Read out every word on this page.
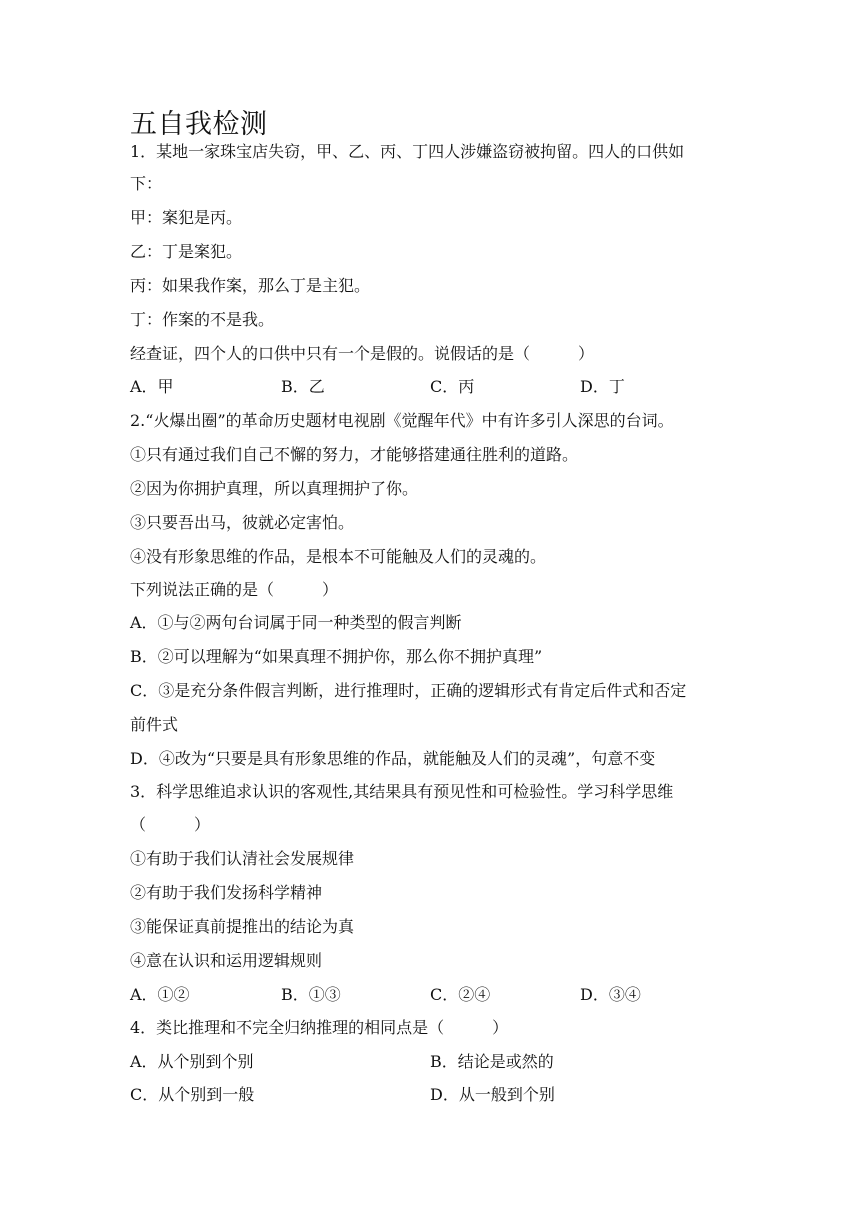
五自我检测
1．某地一家珠宝店失窃，甲、乙、丙、丁四人涉嫌盗窃被拘留。四人的口供如
下：
甲：案犯是丙。
乙：丁是案犯。
丙：如果我作案，那么丁是主犯。
丁：作案的不是我。
经查证，四个人的口供中只有一个是假的。说假话的是（　　　）
A．甲	B．乙	C．丙	D．丁
2.“火爆出圈”的革命历史题材电视剧《觉醒年代》中有许多引人深思的台词。
①只有通过我们自己不懈的努力，才能够搭建通往胜利的道路。
②因为你拥护真理，所以真理拥护了你。
③只要吾出马，彼就必定害怕。
④没有形象思维的作品，是根本不可能触及人们的灵魂的。
下列说法正确的是（　　　）
A．①与②两句台词属于同一种类型的假言判断
B．②可以理解为“如果真理不拥护你，那么你不拥护真理”
C．③是充分条件假言判断，进行推理时，正确的逻辑形式有肯定后件式和否定
前件式
D．④改为“只要是具有形象思维的作品，就能触及人们的灵魂”，句意不变
3．科学思维追求认识的客观性,其结果具有预见性和可检验性。学习科学思维
（　　　）
①有助于我们认清社会发展规律
②有助于我们发扬科学精神
③能保证真前提推出的结论为真
④意在认识和运用逻辑规则
A．①②	B．①③	C．②④	D．③④
4．类比推理和不完全归纳推理的相同点是（　　　）
A．从个别到个别	B．结论是或然的
C．从个别到一般	D．从一般到个别
